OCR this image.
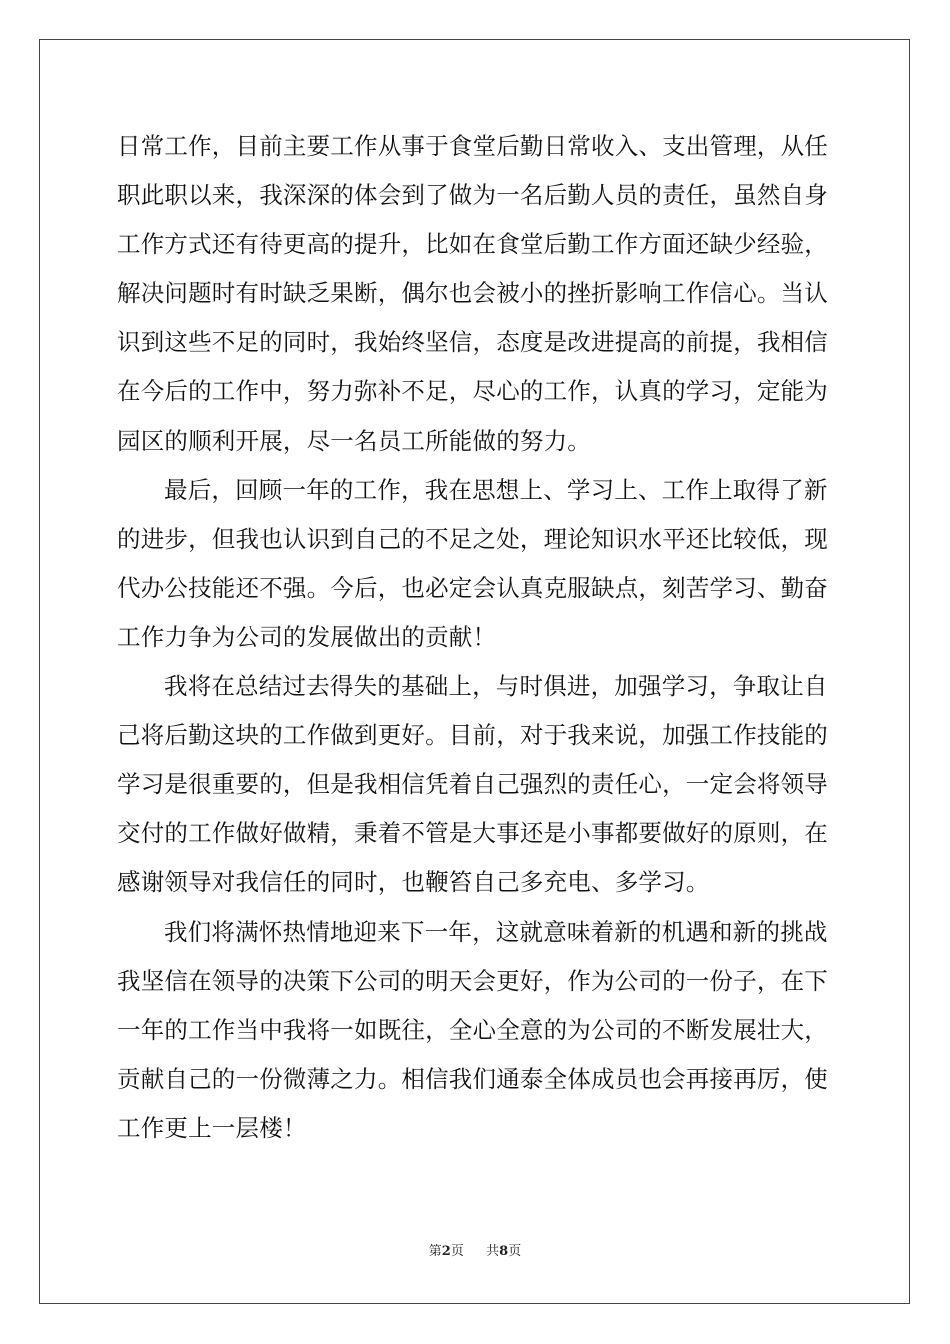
日常工作，目前主要工作从事于食堂后勤日常收入、支出管理，从任
职此职以来，我深深的体会到了做为一名后勤人员的责任，虽然自身
工作方式还有待更高的提升，比如在食堂后勤工作方面还缺少经验，
解决问题时有时缺乏果断，偶尔也会被小的挫折影响工作信心。当认
识到这些不足的同时，我始终坚信，态度是改进提高的前提，我相信
在今后的工作中，努力弥补不足，尽心的工作，认真的学习，定能为
园区的顺利开展，尽一名员工所能做的努力。
最后，回顾一年的工作，我在思想上、学习上、工作上取得了新
的进步，但我也认识到自己的不足之处，理论知识水平还比较低，现
代办公技能还不强。今后，也必定会认真克服缺点，刻苦学习、勤奋
工作力争为公司的发展做出的贡献！
我将在总结过去得失的基础上，与时俱进，加强学习，争取让自
己将后勤这块的工作做到更好。目前，对于我来说，加强工作技能的
学习是很重要的，但是我相信凭着自己强烈的责任心，一定会将领导
交付的工作做好做精，秉着不管是大事还是小事都要做好的原则，在
感谢领导对我信任的同时，也鞭笞自己多充电、多学习。
我们将满怀热情地迎来下一年，这就意味着新的机遇和新的挑战
我坚信在领导的决策下公司的明天会更好，作为公司的一份子，在下
一年的工作当中我将一如既往，全心全意的为公司的不断发展壮大，
贡献自己的一份微薄之力。相信我们通泰全体成员也会再接再厉，使
工作更上一层楼！
第2页 共8页
